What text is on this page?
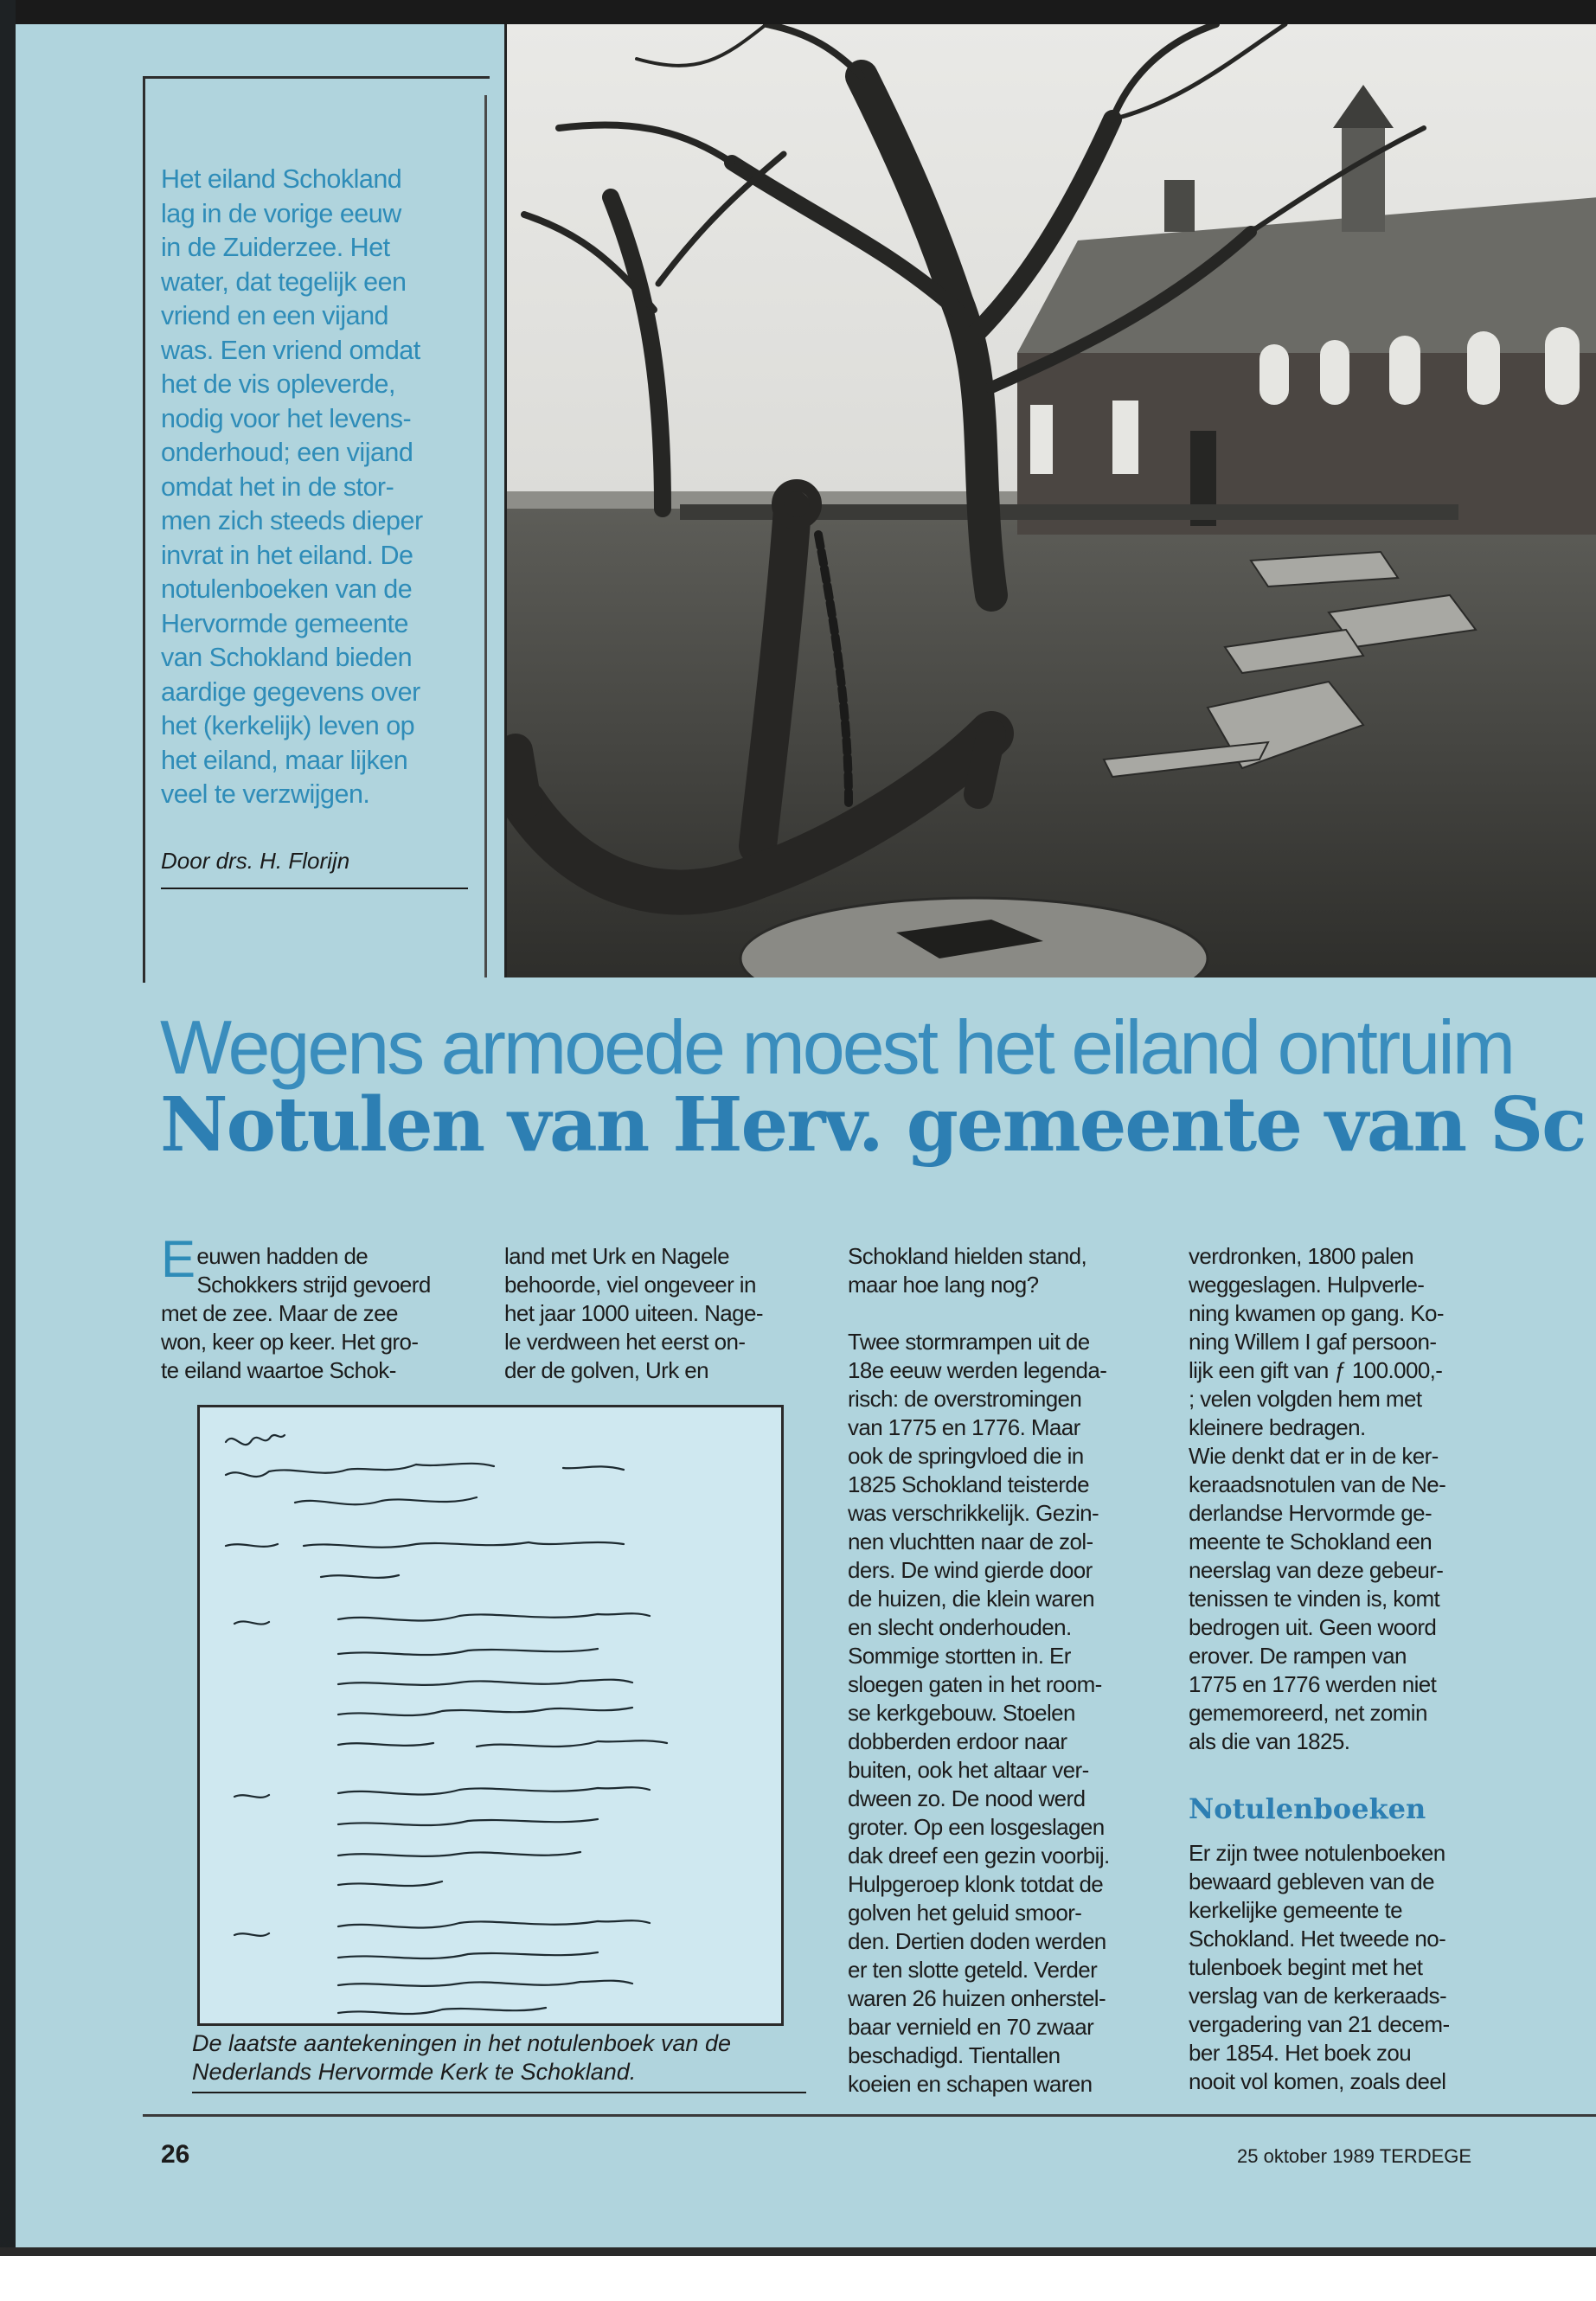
Het eiland Schokland
lag in de vorige eeuw
in de Zuiderzee. Het
water, dat tegelijk een
vriend en een vijand
was. Een vriend omdat
het de vis opleverde,
nodig voor het levens-
onderhoud; een vijand
omdat het in de stor-
men zich steeds dieper
invrat in het eiland. De
notulenboeken van de
Hervormde gemeente
van Schokland bieden
aardige gegevens over
het (kerkelijk) leven op
het eiland, maar lijken
veel te verzwijgen.

Door drs. H. Florijn

Wegens armoede moest het eiland ontruim
Notulen van Herv. gemeente van Sc
E euwen hadden de
Schokkers strijd gevoerd
met de zee. Maar de zee
won, keer op keer. Het gro-
te eiland waartoe Schok-
land met Urk en Nagele
behoorde, viel ongeveer in
het jaar 1000 uiteen. Nage-
le verdween het eerst on-
der de golven, Urk en

De laatste aantekeningen in het notulenboek van de Nederlands Hervormde Kerk te Schokland.

Schokland hielden stand,
maar hoe lang nog?

Twee stormrampen uit de
18e eeuw werden legenda-
risch: de overstromingen
van 1775 en 1776. Maar
ook de springvloed die in
1825 Schokland teisterde
was verschrikkelijk. Gezin-
nen vluchtten naar de zol-
ders. De wind gierde door
de huizen, die klein waren
en slecht onderhouden.
Sommige stortten in. Er
sloegen gaten in het room-
se kerkgebouw. Stoelen
dobberden erdoor naar
buiten, ook het altaar ver-
dween zo. De nood werd
groter. Op een losgeslagen
dak dreef een gezin voorbij.
Hulpgeroep klonk totdat de
golven het geluid smoor-
den. Dertien doden werden
er ten slotte geteld. Verder
waren 26 huizen onherstel-
baar vernield en 70 zwaar
beschadigd. Tientallen
koeien en schapen waren
verdronken, 1800 palen
weggeslagen. Hulpverle-
ning kwamen op gang. Ko-
ning Willem I gaf persoon-
lijk een gift van ƒ 100.000,-
; velen volgden hem met
kleinere bedragen.
Wie denkt dat er in de ker-
keraadsnotulen van de Ne-
derlandse Hervormde ge-
meente te Schokland een
neerslag van deze gebeur-
tenissen te vinden is, komt
bedrogen uit. Geen woord
erover. De rampen van
1775 en 1776 werden niet
gememoreerd, net zomin
als die van 1825.
Notulenboeken
Er zijn twee notulenboeken
bewaard gebleven van de
kerkelijke gemeente te
Schokland. Het tweede no-
tulenboek begint met het
verslag van de kerkeraads-
vergadering van 21 decem-
ber 1854. Het boek zou
nooit vol komen, zoals deel

26	25 oktober 1989 TERDEGE
